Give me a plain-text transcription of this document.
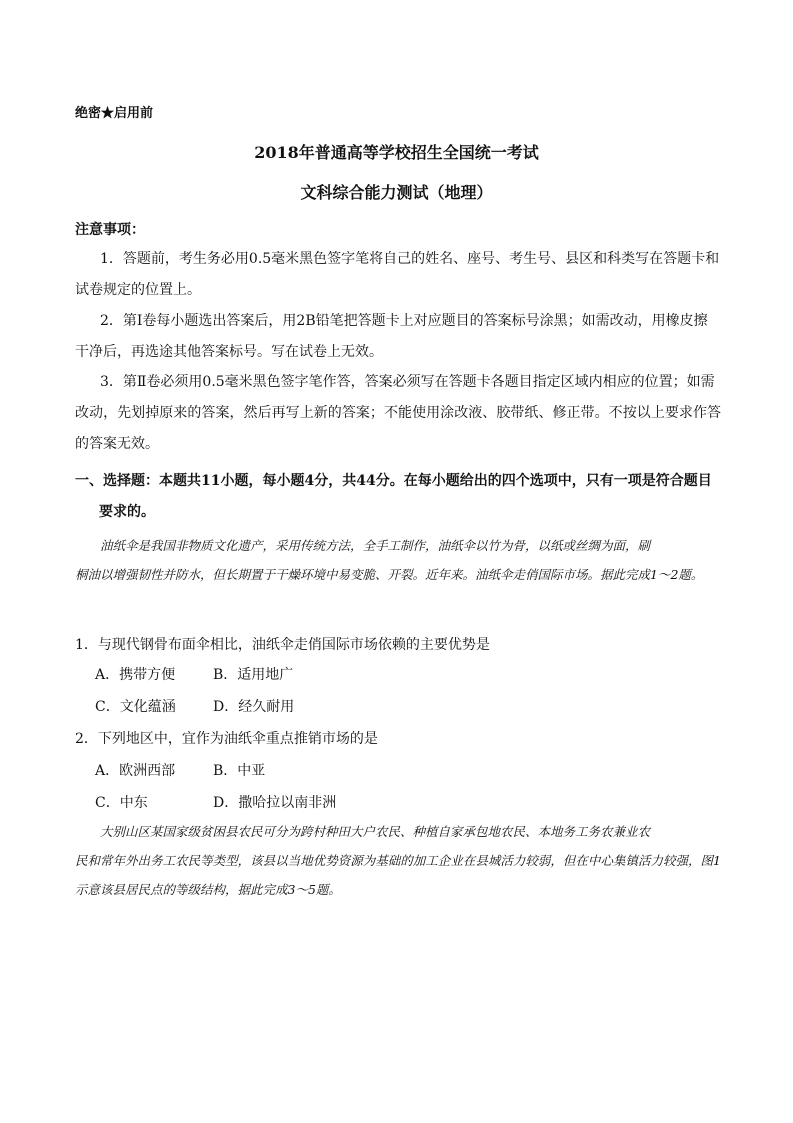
绝密★启用前
2018年普通高等学校招生全国统一考试
文科综合能力测试（地理）
注意事项：
1．答题前，考生务必用0.5毫米黑色签字笔将自己的姓名、座号、考生号、县区和科类写在答题卡和
试卷规定的位置上。
2．第Ⅰ卷每小题选出答案后，用2B铅笔把答题卡上对应题目的答案标号涂黑；如需改动，用橡皮擦
干净后，再选途其他答案标号。写在试卷上无效。
3．第Ⅱ卷必须用0.5毫米黑色签字笔作答，答案必须写在答题卡各题目指定区域内相应的位置；如需
改动，先划掉原来的答案，然后再写上新的答案；不能使用涂改液、胶带纸、修正带。不按以上要求作答的答案无效。
一、选择题：本题共11小题，每小题4分，共44分。在每小题给出的四个选项中，只有一项是符合题目
要求的。
油纸伞是我国非物质文化遗产，采用传统方法，全手工制作，油纸伞以竹为骨，以纸或丝绸为面，刷
桐油以增强韧性并防水，但长期置于干燥环境中易变脆、开裂。近年来。油纸伞走俏国际市场。据此完成1～2题。
1．与现代钢骨布面伞相比，油纸伞走俏国际市场依赖的主要优势是
A．携带方便	B．适用地广
C．文化蕴涵	D．经久耐用
2．下列地区中，宜作为油纸伞重点推销市场的是
A．欧洲西部	B．中亚
C．中东	D．撒哈拉以南非洲
大别山区某国家级贫困县农民可分为跨村种田大户农民、种植自家承包地农民、本地务工务农兼业农
民和常年外出务工农民等类型，该县以当地优势资源为基础的加工企业在县城活力较弱，但在中心集镇活力较强，图1示意该县居民点的等级结构，据此完成3～5题。
